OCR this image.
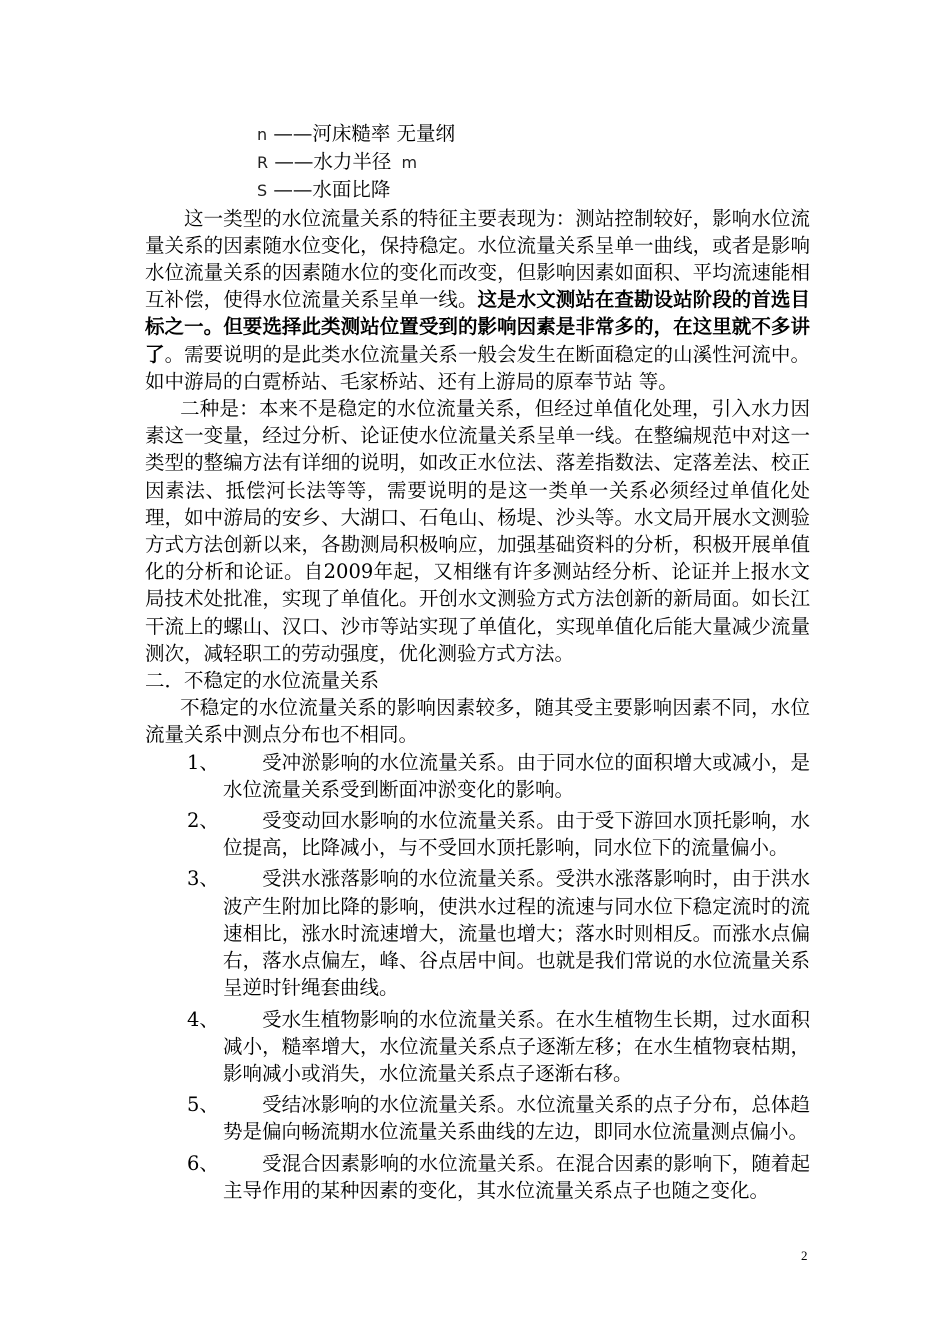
n ——河床糙率 无量纲
R ——水力半径 m
S ——水面比降

这一类型的水位流量关系的特征主要表现为：测站控制较好，影响水位流量关系的因素随水位变化，保持稳定。水位流量关系呈单一曲线，或者是影响水位流量关系的因素随水位的变化而改变，但影响因素如面积、平均流速能相互补偿，使得水位流量关系呈单一线。这是水文测站在查勘设站阶段的首选目标之一。但要选择此类测站位置受到的影响因素是非常多的，在这里就不多讲了。需要说明的是此类水位流量关系一般会发生在断面稳定的山溪性河流中。如中游局的白霓桥站、毛家桥站、还有上游局的原奉节站 等。

二种是：本来不是稳定的水位流量关系，但经过单值化处理，引入水力因素这一变量，经过分析、论证使水位流量关系呈单一线。在整编规范中对这一类型的整编方法有详细的说明，如改正水位法、落差指数法、定落差法、校正因素法、抵偿河长法等等，需要说明的是这一类单一关系必须经过单值化处理，如中游局的安乡、大湖口、石龟山、杨堤、沙头等。水文局开展水文测验方式方法创新以来，各勘测局积极响应，加强基础资料的分析，积极开展单值化的分析和论证。自2009年起，又相继有许多测站经分析、论证并上报水文局技术处批准，实现了单值化。开创水文测验方式方法创新的新局面。如长江干流上的螺山、汉口、沙市等站实现了单值化，实现单值化后能大量减少流量测次，减轻职工的劳动强度，优化测验方式方法。

二．不稳定的水位流量关系

不稳定的水位流量关系的影响因素较多，随其受主要影响因素不同，水位流量关系中测点分布也不相同。

1、 受冲淤影响的水位流量关系。由于同水位的面积增大或减小，是水位流量关系受到断面冲淤变化的影响。
2、 受变动回水影响的水位流量关系。由于受下游回水顶托影响，水位提高，比降减小，与不受回水顶托影响，同水位下的流量偏小。
3、 受洪水涨落影响的水位流量关系。受洪水涨落影响时，由于洪水波产生附加比降的影响，使洪水过程的流速与同水位下稳定流时的流速相比，涨水时流速增大，流量也增大；落水时则相反。而涨水点偏右，落水点偏左，峰、谷点居中间。也就是我们常说的水位流量关系呈逆时针绳套曲线。
4、 受水生植物影响的水位流量关系。在水生植物生长期，过水面积减小，糙率增大，水位流量关系点子逐渐左移；在水生植物衰枯期，影响减小或消失，水位流量关系点子逐渐右移。
5、 受结冰影响的水位流量关系。水位流量关系的点子分布，总体趋势是偏向畅流期水位流量关系曲线的左边，即同水位流量测点偏小。
6、 受混合因素影响的水位流量关系。在混合因素的影响下，随着起主导作用的某种因素的变化，其水位流量关系点子也随之变化。
2
